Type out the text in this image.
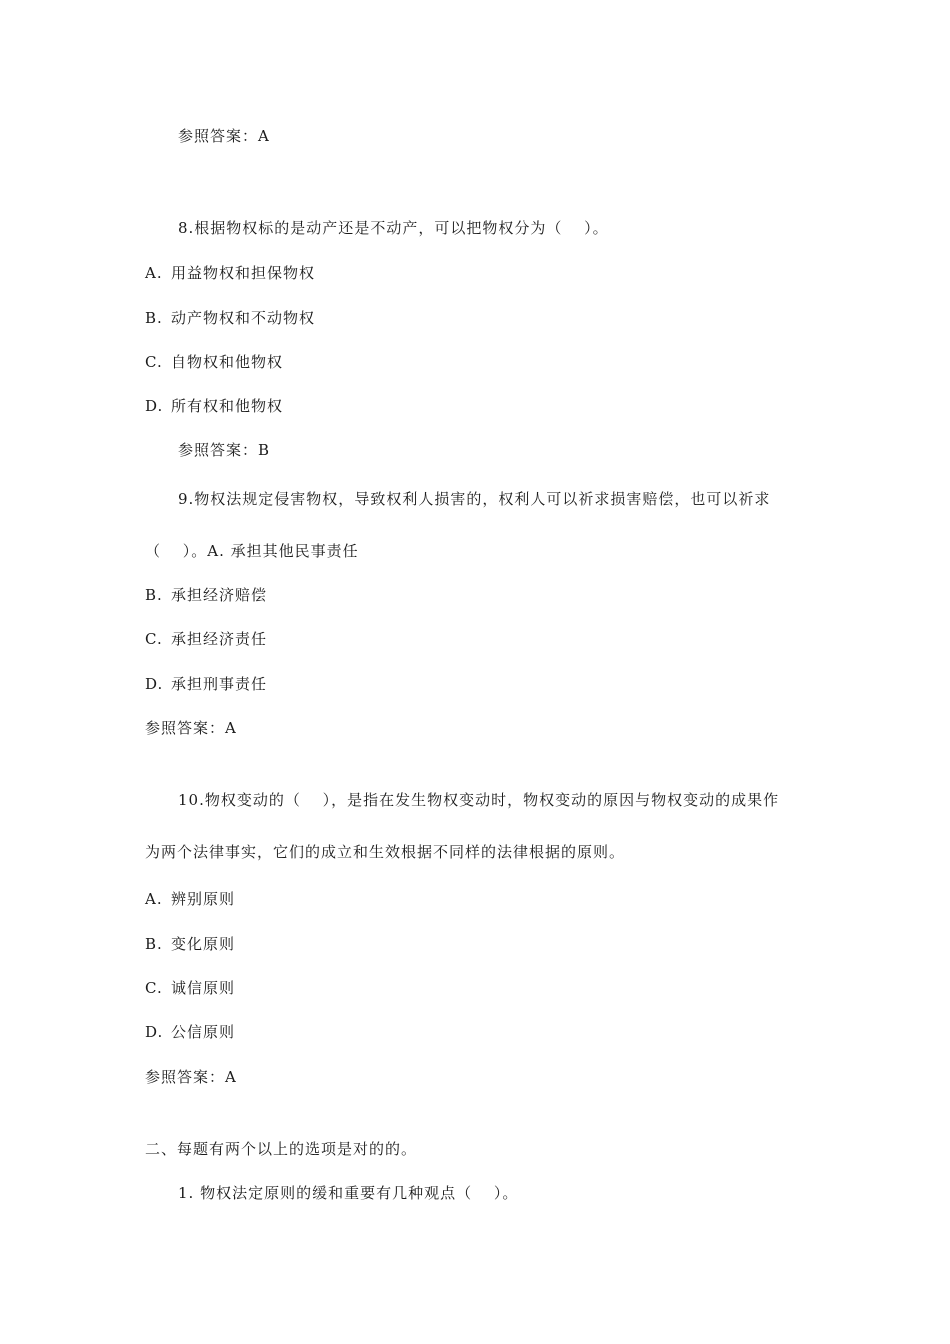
参照答案：A
8.根据物权标的是动产还是不动产，可以把物权分为（　 ）。
A. 用益物权和担保物权
B. 动产物权和不动物权
C. 自物权和他物权
D. 所有权和他物权
参照答案：B
9.物权法规定侵害物权，导致权利人损害的，权利人可以祈求损害赔偿，也可以祈求
（　 ）。A. 承担其他民事责任
B. 承担经济赔偿
C. 承担经济责任
D. 承担刑事责任
参照答案：A
10.物权变动的（　 ），是指在发生物权变动时，物权变动的原因与物权变动的成果作
为两个法律事实，它们的成立和生效根据不同样的法律根据的原则。
A. 辨别原则
B. 变化原则
C. 诚信原则
D. 公信原则
参照答案：A
二、每题有两个以上的选项是对的的。
1. 物权法定原则的缓和重要有几种观点（　 ）。
